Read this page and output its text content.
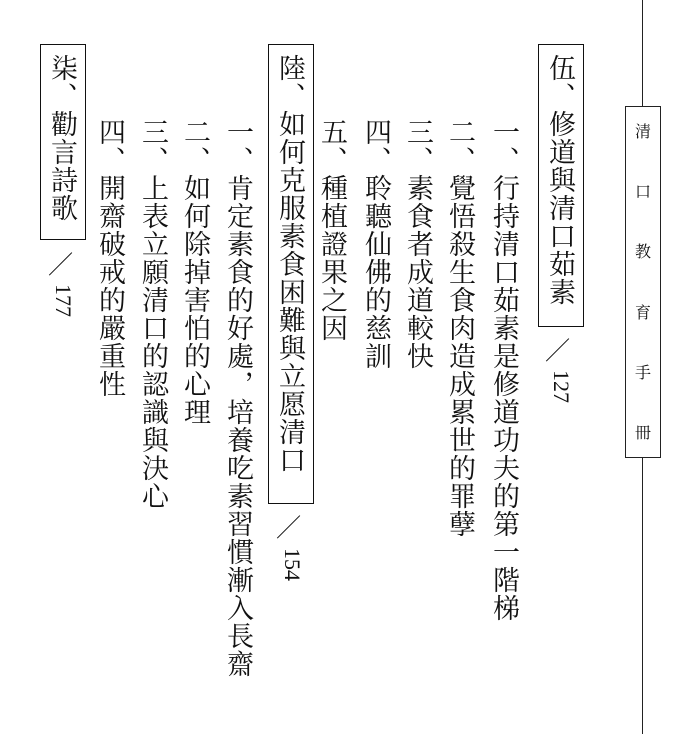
清
口
教
育
手
冊
伍、修道與清口茹素
127
一、行持清口茹素是修道功夫的第一階梯
二、覺悟殺生食肉造成累世的罪孽
三、素食者成道較快
四、聆聽仙佛的慈訓
五、種植證果之因
陸、如何克服素食困難與立愿清口
154
一、肯定素食的好處，培養吃素習慣漸入長齋
二、如何除掉害怕的心理
三、上表立願清口的認識與決心
四、開齋破戒的嚴重性
柒、勸言詩歌
177
